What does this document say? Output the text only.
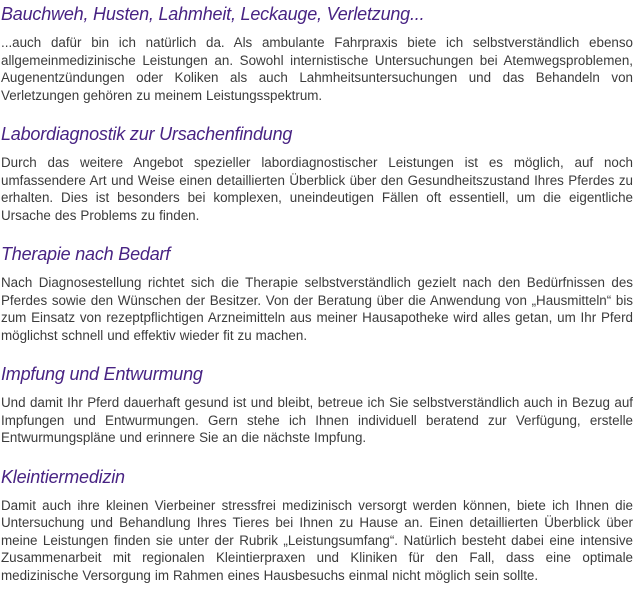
Bauchweh, Husten, Lahmheit, Leckauge, Verletzung...

...auch dafür bin ich natürlich da. Als ambulante Fahrpraxis biete ich selbstverständlich ebenso allgemeinmedizinische Leistungen an. Sowohl internistische Untersuchungen bei Atemwegsproblemen, Augenentzündungen oder Koliken als auch Lahmheitsuntersuchungen und das Behandeln von Verletzungen gehören zu meinem Leistungsspektrum.

Labordiagnostik zur Ursachenfindung

Durch das weitere Angebot spezieller labordiagnostischer Leistungen ist es möglich, auf noch umfassendere Art und Weise einen detaillierten Überblick über den Gesundheitszustand Ihres Pferdes zu erhalten. Dies ist besonders bei komplexen, uneindeutigen Fällen oft essentiell, um die eigentliche Ursache des Problems zu finden.

Therapie nach Bedarf

Nach Diagnosestellung richtet sich die Therapie selbstverständlich gezielt nach den Bedürfnissen des Pferdes sowie den Wünschen der Besitzer. Von der Beratung über die Anwendung von „Hausmitteln“ bis zum Einsatz von rezeptpflichtigen Arzneimitteln aus meiner Hausapotheke wird alles getan, um Ihr Pferd möglichst schnell und effektiv wieder fit zu machen.

Impfung und Entwurmung

Und damit Ihr Pferd dauerhaft gesund ist und bleibt, betreue ich Sie selbstverständlich auch in Bezug auf Impfungen und Entwurmungen. Gern stehe ich Ihnen individuell beratend zur Verfügung, erstelle Entwurmungspläne und erinnere Sie an die nächste Impfung.

Kleintiermedizin

Damit auch ihre kleinen Vierbeiner stressfrei medizinisch versorgt werden können, biete ich Ihnen die Untersuchung und Behandlung Ihres Tieres bei Ihnen zu Hause an. Einen detaillierten Überblick über meine Leistungen finden sie unter der Rubrik „Leistungsumfang“. Natürlich besteht dabei eine intensive Zusammenarbeit mit regionalen Kleintierpraxen und Kliniken für den Fall, dass eine optimale medizinische Versorgung im Rahmen eines Hausbesuchs einmal nicht möglich sein sollte.
